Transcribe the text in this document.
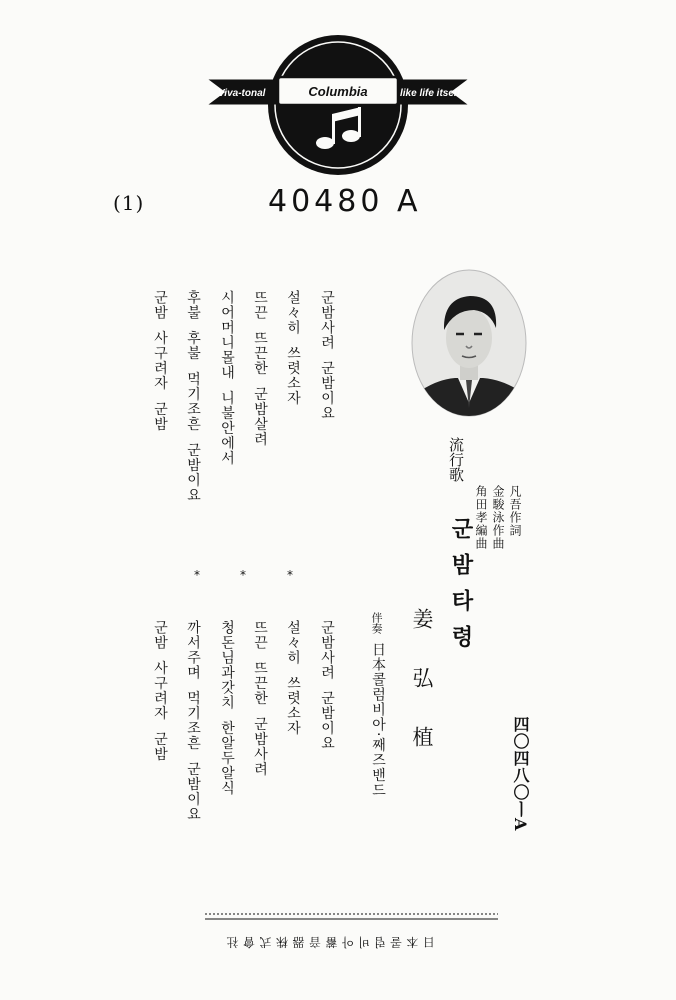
Viva-tonal	Columbia	like life itself
(1)	40480 A
流行歌
군밤타령
凡吾作詞
金駿泳作曲
角田孝編曲
姜弘植
伴奏
日本콜럼비아·째즈밴드	四〇四八〇ㅣA
군밤사려  군밤이요
설々히  쓰렷소자
뜨끈  뜨끈한  군밤살려
시어머니몰내  니불안에서
후불  후불  먹기조흔  군밤이요
군밤  사구려자  군밤
*
*
*
군밤사려  군밤이요
설々히  쓰렷소자
뜨끈  뜨끈한  군밤사려
청돈님과갓치  한알두알식
까서주며  먹기조흔  군밤이요
군밤  사구려자  군밤
日本콜럼비아蓄音器株式會社
